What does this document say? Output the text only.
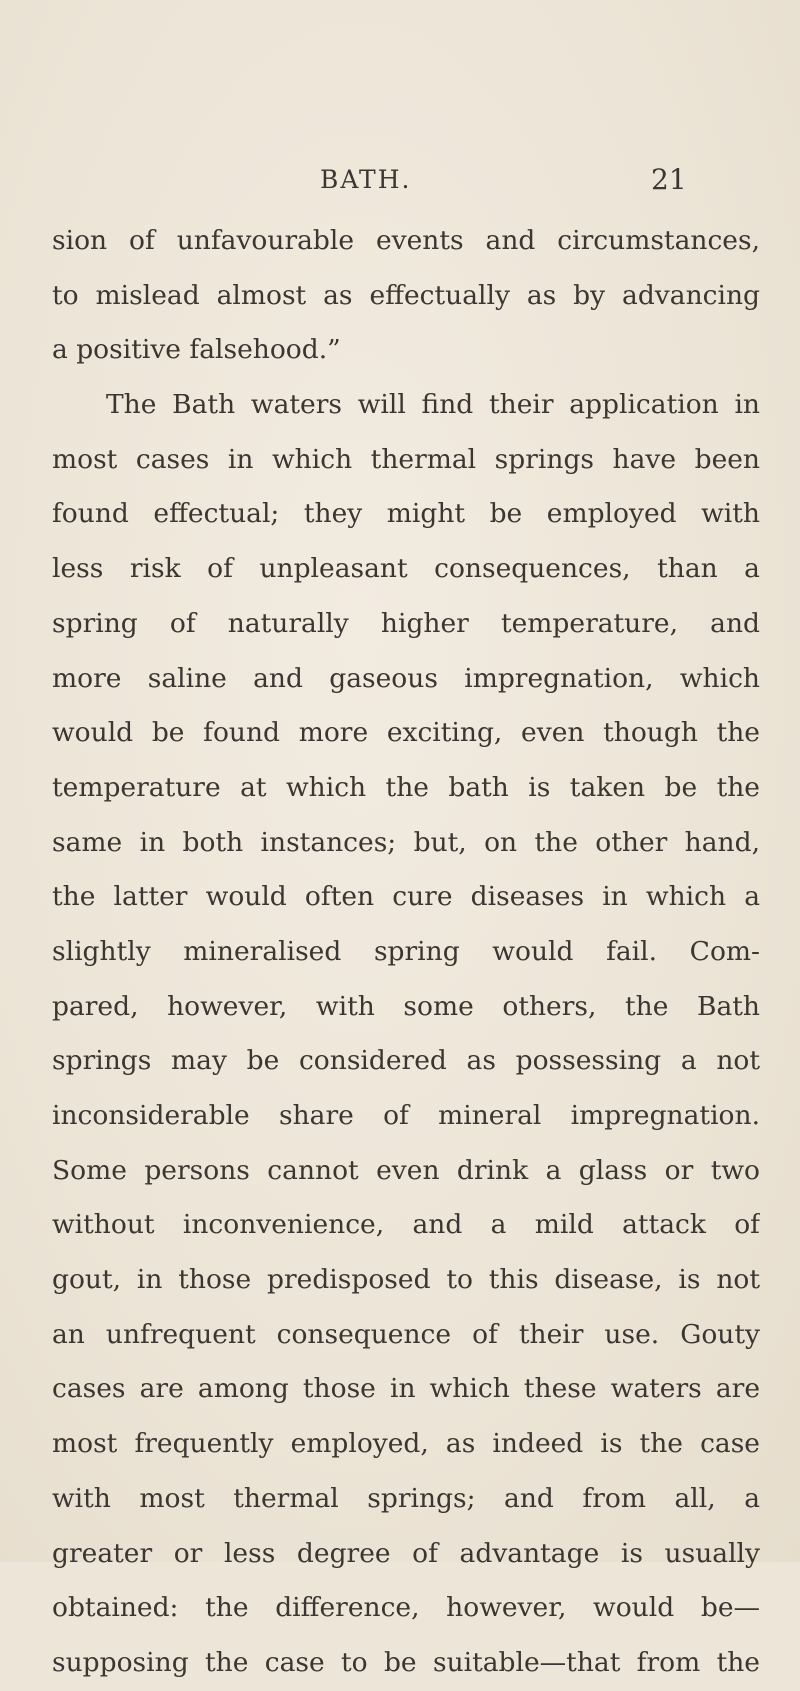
BATH.	21
sion of unfavourable events and circumstances,
to mislead almost as effectually as by advancing
a positive falsehood.”
The Bath waters will find their application in
most cases in which thermal springs have been
found effectual; they might be employed with
less risk of unpleasant consequences, than a
spring of naturally higher temperature, and
more saline and gaseous impregnation, which
would be found more exciting, even though the
temperature at which the bath is taken be the
same in both instances; but, on the other hand,
the latter would often cure diseases in which a
slightly mineralised spring would fail. Com-
pared, however, with some others, the Bath
springs may be considered as possessing a not
inconsiderable share of mineral impregnation.
Some persons cannot even drink a glass or two
without inconvenience, and a mild attack of
gout, in those predisposed to this disease, is not
an unfrequent consequence of their use. Gouty
cases are among those in which these waters are
most frequently employed, as indeed is the case
with most thermal springs; and from all, a
greater or less degree of advantage is usually
obtained: the difference, however, would be—
supposing the case to be suitable—that from the
